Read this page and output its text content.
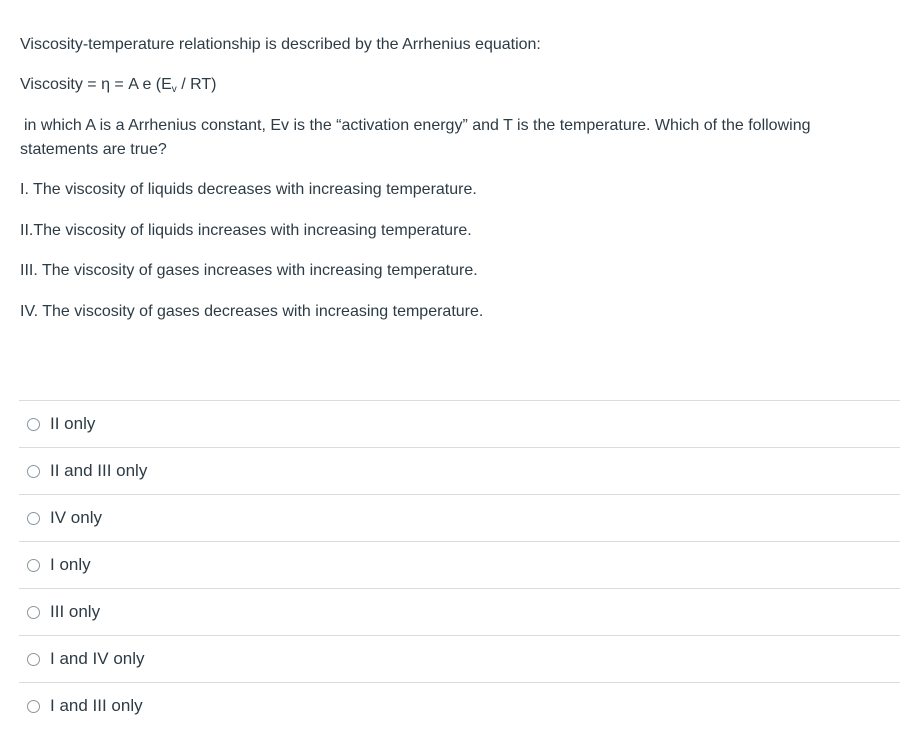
Viscosity-temperature relationship is described by the Arrhenius equation:

Viscosity = η = A e $(E_v / RT)$

in which A is a Arrhenius constant, Ev is the “activation energy” and T is the temperature. Which of the following
statements are true?

I. The viscosity of liquids decreases with increasing temperature.

II.The viscosity of liquids increases with increasing temperature.

III. The viscosity of gases increases with increasing temperature.

IV. The viscosity of gases decreases with increasing temperature.

II only
II and III only
IV only
I only
III only
I and IV only
I and III only
